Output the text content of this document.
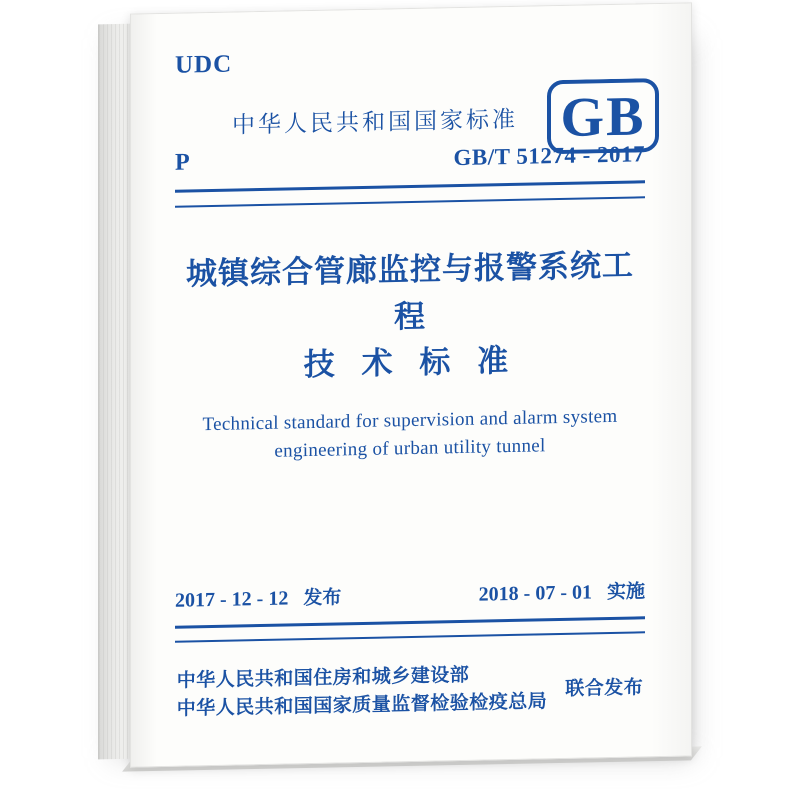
UDC
中华人民共和国国家标准 GB
P	GB/T 51274 - 2017
城镇综合管廊监控与报警系统工程
技 术 标 准
Technical standard for supervision and alarm system
engineering of urban utility tunnel
2017 - 12 - 12 发布	2018 - 07 - 01 实施
中华人民共和国住房和城乡建设部
中华人民共和国国家质量监督检验检疫总局
联合发布
